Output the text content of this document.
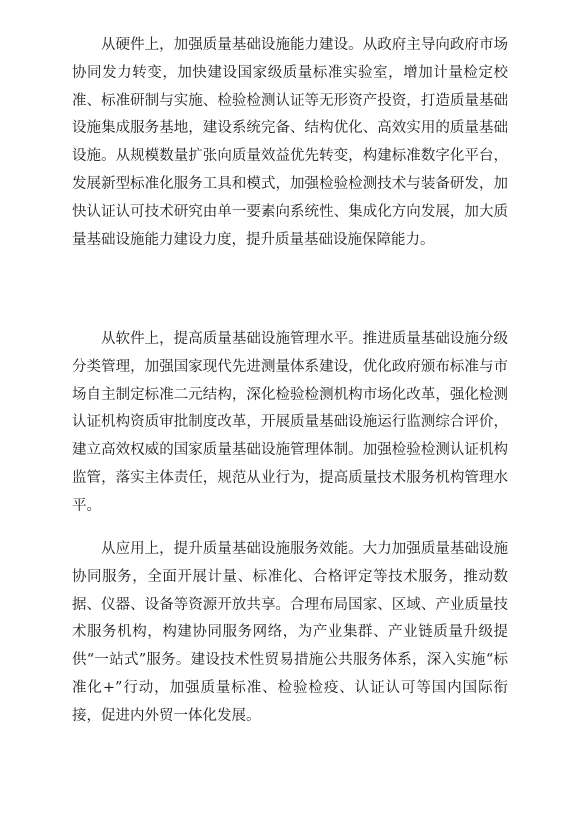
从硬件上，加强质量基础设施能力建设。从政府主导向政府市场协同发力转变，加快建设国家级质量标准实验室，增加计量检定校准、标准研制与实施、检验检测认证等无形资产投资，打造质量基础设施集成服务基地，建设系统完备、结构优化、高效实用的质量基础设施。从规模数量扩张向质量效益优先转变，构建标准数字化平台，发展新型标准化服务工具和模式，加强检验检测技术与装备研发，加快认证认可技术研究由单一要素向系统性、集成化方向发展，加大质量基础设施能力建设力度，提升质量基础设施保障能力。

从软件上，提高质量基础设施管理水平。推进质量基础设施分级分类管理，加强国家现代先进测量体系建设，优化政府颁布标准与市场自主制定标准二元结构，深化检验检测机构市场化改革，强化检测认证机构资质审批制度改革，开展质量基础设施运行监测综合评价，建立高效权威的国家质量基础设施管理体制。加强检验检测认证机构监管，落实主体责任，规范从业行为，提高质量技术服务机构管理水平。

从应用上，提升质量基础设施服务效能。大力加强质量基础设施协同服务，全面开展计量、标准化、合格评定等技术服务，推动数据、仪器、设备等资源开放共享。合理布局国家、区域、产业质量技术服务机构，构建协同服务网络，为产业集群、产业链质量升级提供“一站式”服务。建设技术性贸易措施公共服务体系，深入实施“标准化+”行动，加强质量标准、检验检疫、认证认可等国内国际衔接，促进内外贸一体化发展。
